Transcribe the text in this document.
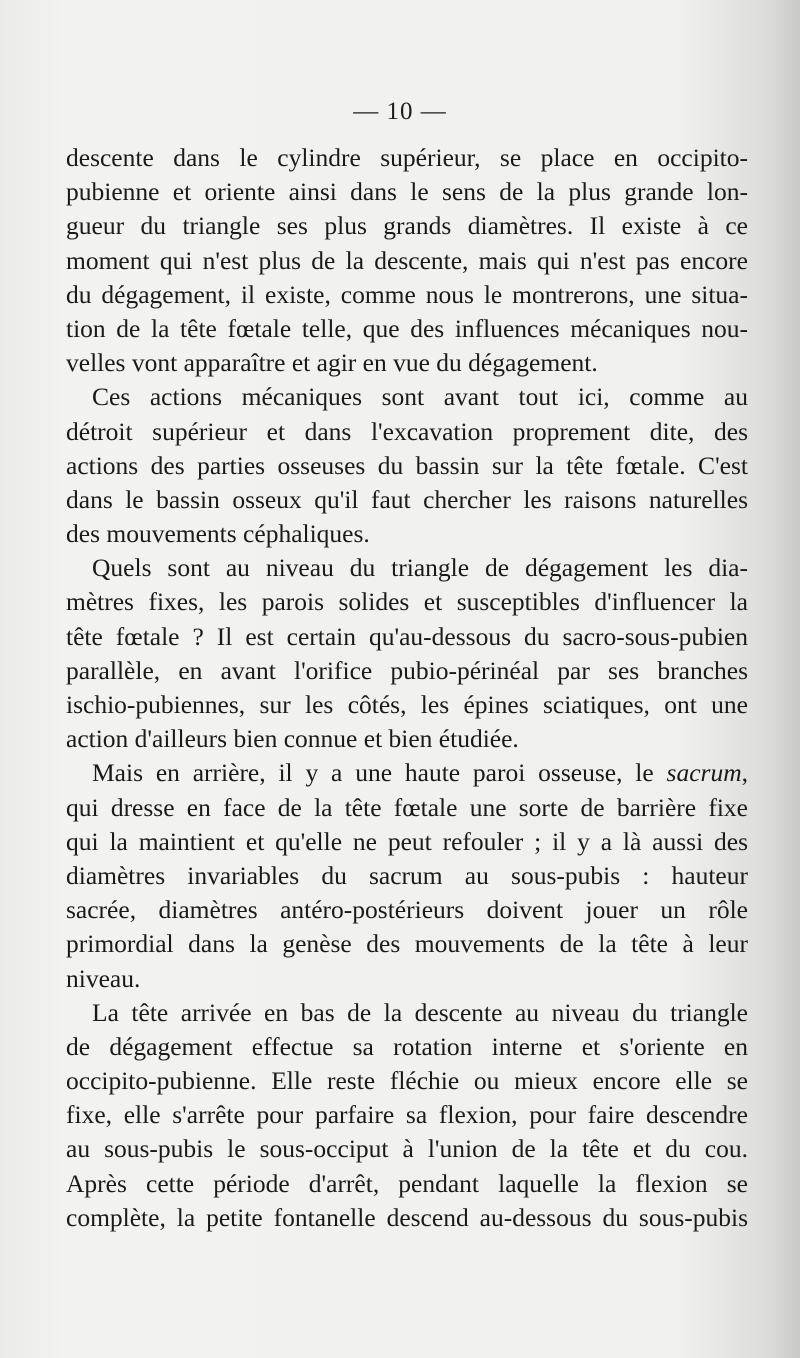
— 10 —
descente dans le cylindre supérieur, se place en occipito-
pubienne et oriente ainsi dans le sens de la plus grande lon-
gueur du triangle ses plus grands diamètres. Il existe à ce
moment qui n'est plus de la descente, mais qui n'est pas encore
du dégagement, il existe, comme nous le montrerons, une situa-
tion de la tête fœtale telle, que des influences mécaniques nou-
velles vont apparaître et agir en vue du dégagement.
Ces actions mécaniques sont avant tout ici, comme au
détroit supérieur et dans l'excavation proprement dite, des
actions des parties osseuses du bassin sur la tête fœtale. C'est
dans le bassin osseux qu'il faut chercher les raisons naturelles
des mouvements céphaliques.
Quels sont au niveau du triangle de dégagement les dia-
mètres fixes, les parois solides et susceptibles d'influencer la
tête fœtale ? Il est certain qu'au-dessous du sacro-sous-pubien
parallèle, en avant l'orifice pubio-périnéal par ses branches
ischio-pubiennes, sur les côtés, les épines sciatiques, ont une
action d'ailleurs bien connue et bien étudiée.
Mais en arrière, il y a une haute paroi osseuse, le sacrum,
qui dresse en face de la tête fœtale une sorte de barrière fixe
qui la maintient et qu'elle ne peut refouler ; il y a là aussi des
diamètres invariables du sacrum au sous-pubis : hauteur
sacrée, diamètres antéro-postérieurs doivent jouer un rôle
primordial dans la genèse des mouvements de la tête à leur
niveau.
La tête arrivée en bas de la descente au niveau du triangle
de dégagement effectue sa rotation interne et s'oriente en
occipito-pubienne. Elle reste fléchie ou mieux encore elle se
fixe, elle s'arrête pour parfaire sa flexion, pour faire descendre
au sous-pubis le sous-occiput à l'union de la tête et du cou.
Après cette période d'arrêt, pendant laquelle la flexion se
complète, la petite fontanelle descend au-dessous du sous-pubis
